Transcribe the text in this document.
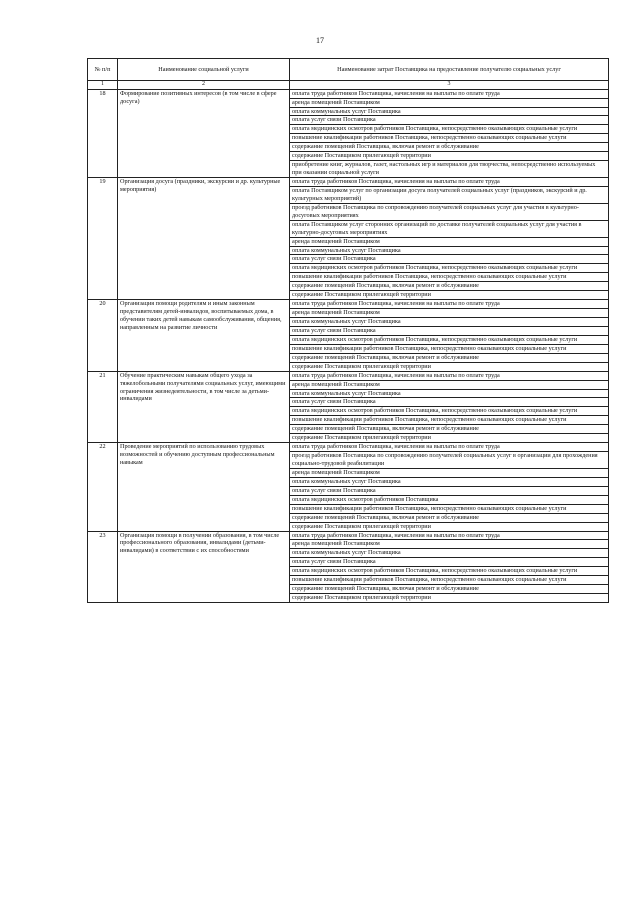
17
№ п/п	Наименование социальной услуги	Наименование затрат Поставщика на предоставление получателю социальных услуг
1	2	3
18	Формирование позитивных интересов (в том числе в сфере досуга)	оплата труда работников Поставщика, начисления на выплаты по оплате труда
		аренда помещений Поставщиком
		оплата коммунальных услуг Поставщика
		оплата услуг связи Поставщика
		оплата медицинских осмотров работников Поставщика, непосредственно оказывающих социальные услуги
		повышение квалификации работников Поставщика, непосредственно оказывающих социальные услуги
		содержание помещений Поставщика, включая ремонт и обслуживание
		содержание Поставщиком прилегающей территории
		приобретение книг, журналов, газет, настольных игр и материалов для творчества, непосредственно используемых при оказании социальной услуги
19	Организация досуга (праздники, экскурсии и др. культурные мероприятия)	оплата труда работников Поставщика, начисления на выплаты по оплате труда
		оплата Поставщиком услуг по организации досуга получателей социальных услуг (праздников, экскурсий и др. культурных мероприятий)
		проезд работников Поставщика по сопровождению получателей социальных услуг для участия в культурно-досуговых мероприятиях
		оплата Поставщиком услуг сторонних организаций по доставке получателей социальных услуг для участия в культурно-досуговых мероприятиях
		аренда помещений Поставщиком
		оплата коммунальных услуг Поставщика
		оплата услуг связи Поставщика
		оплата медицинских осмотров работников Поставщика, непосредственно оказывающих социальные услуги
		повышение квалификации работников Поставщика, непосредственно оказывающих социальные услуги
		содержание помещений Поставщика, включая ремонт и обслуживание
		содержание Поставщиком прилегающей территории
20	Организация помощи родителям и иным законным представителям детей-инвалидов, воспитываемых дома, в обучении таких детей навыкам самообслуживания, общения, направленным на развитие личности	оплата труда работников Поставщика, начисления на выплаты по оплате труда
		аренда помещений Поставщиком
		оплата коммунальных услуг Поставщика
		оплата услуг связи Поставщика
		оплата медицинских осмотров работников Поставщика, непосредственно оказывающих социальные услуги
		повышение квалификации работников Поставщика, непосредственно оказывающих социальные услуги
		содержание помещений Поставщика, включая ремонт и обслуживание
		содержание Поставщиком прилегающей территории
21	Обучение практическим навыкам общего ухода за тяжелобольными получателями социальных услуг, имеющими ограничения жизнедеятельности, в том числе за детьми-инвалидами	оплата труда работников Поставщика, начисления на выплаты по оплате труда
		аренда помещений Поставщиком
		оплата коммунальных услуг Поставщика
		оплата услуг связи Поставщика
		оплата медицинских осмотров работников Поставщика, непосредственно оказывающих социальные услуги
		повышение квалификации работников Поставщика, непосредственно оказывающих социальные услуги
		содержание помещений Поставщика, включая ремонт и обслуживание
		содержание Поставщиком прилегающей территории
22	Проведение мероприятий по использованию трудовых возможностей и обучению доступным профессиональным навыкам	оплата труда работников Поставщика, начисления на выплаты по оплате труда
		проезд работников Поставщика по сопровождению получателей социальных услуг в организации для прохождения социально-трудовой реабилитации
		аренда помещений Поставщиком
		оплата коммунальных услуг Поставщика
		оплата услуг связи Поставщика
		оплата медицинских осмотров работников Поставщика
		повышение квалификации работников Поставщика, непосредственно оказывающих социальные услуги
		содержание помещений Поставщика, включая ремонт и обслуживание
		содержание Поставщиком прилегающей территории
23	Организация помощи в получении образования, в том числе профессионального образования, инвалидами (детьми-инвалидами) в соответствии с их способностями	оплата труда работников Поставщика, начисления на выплаты по оплате труда
		аренда помещений Поставщиком
		оплата коммунальных услуг Поставщика
		оплата услуг связи Поставщика
		оплата медицинских осмотров работников Поставщика, непосредственно оказывающих социальные услуги
		повышение квалификации работников Поставщика, непосредственно оказывающих социальные услуги
		содержание помещений Поставщика, включая ремонт и обслуживание
		содержание Поставщиком прилегающей территории
